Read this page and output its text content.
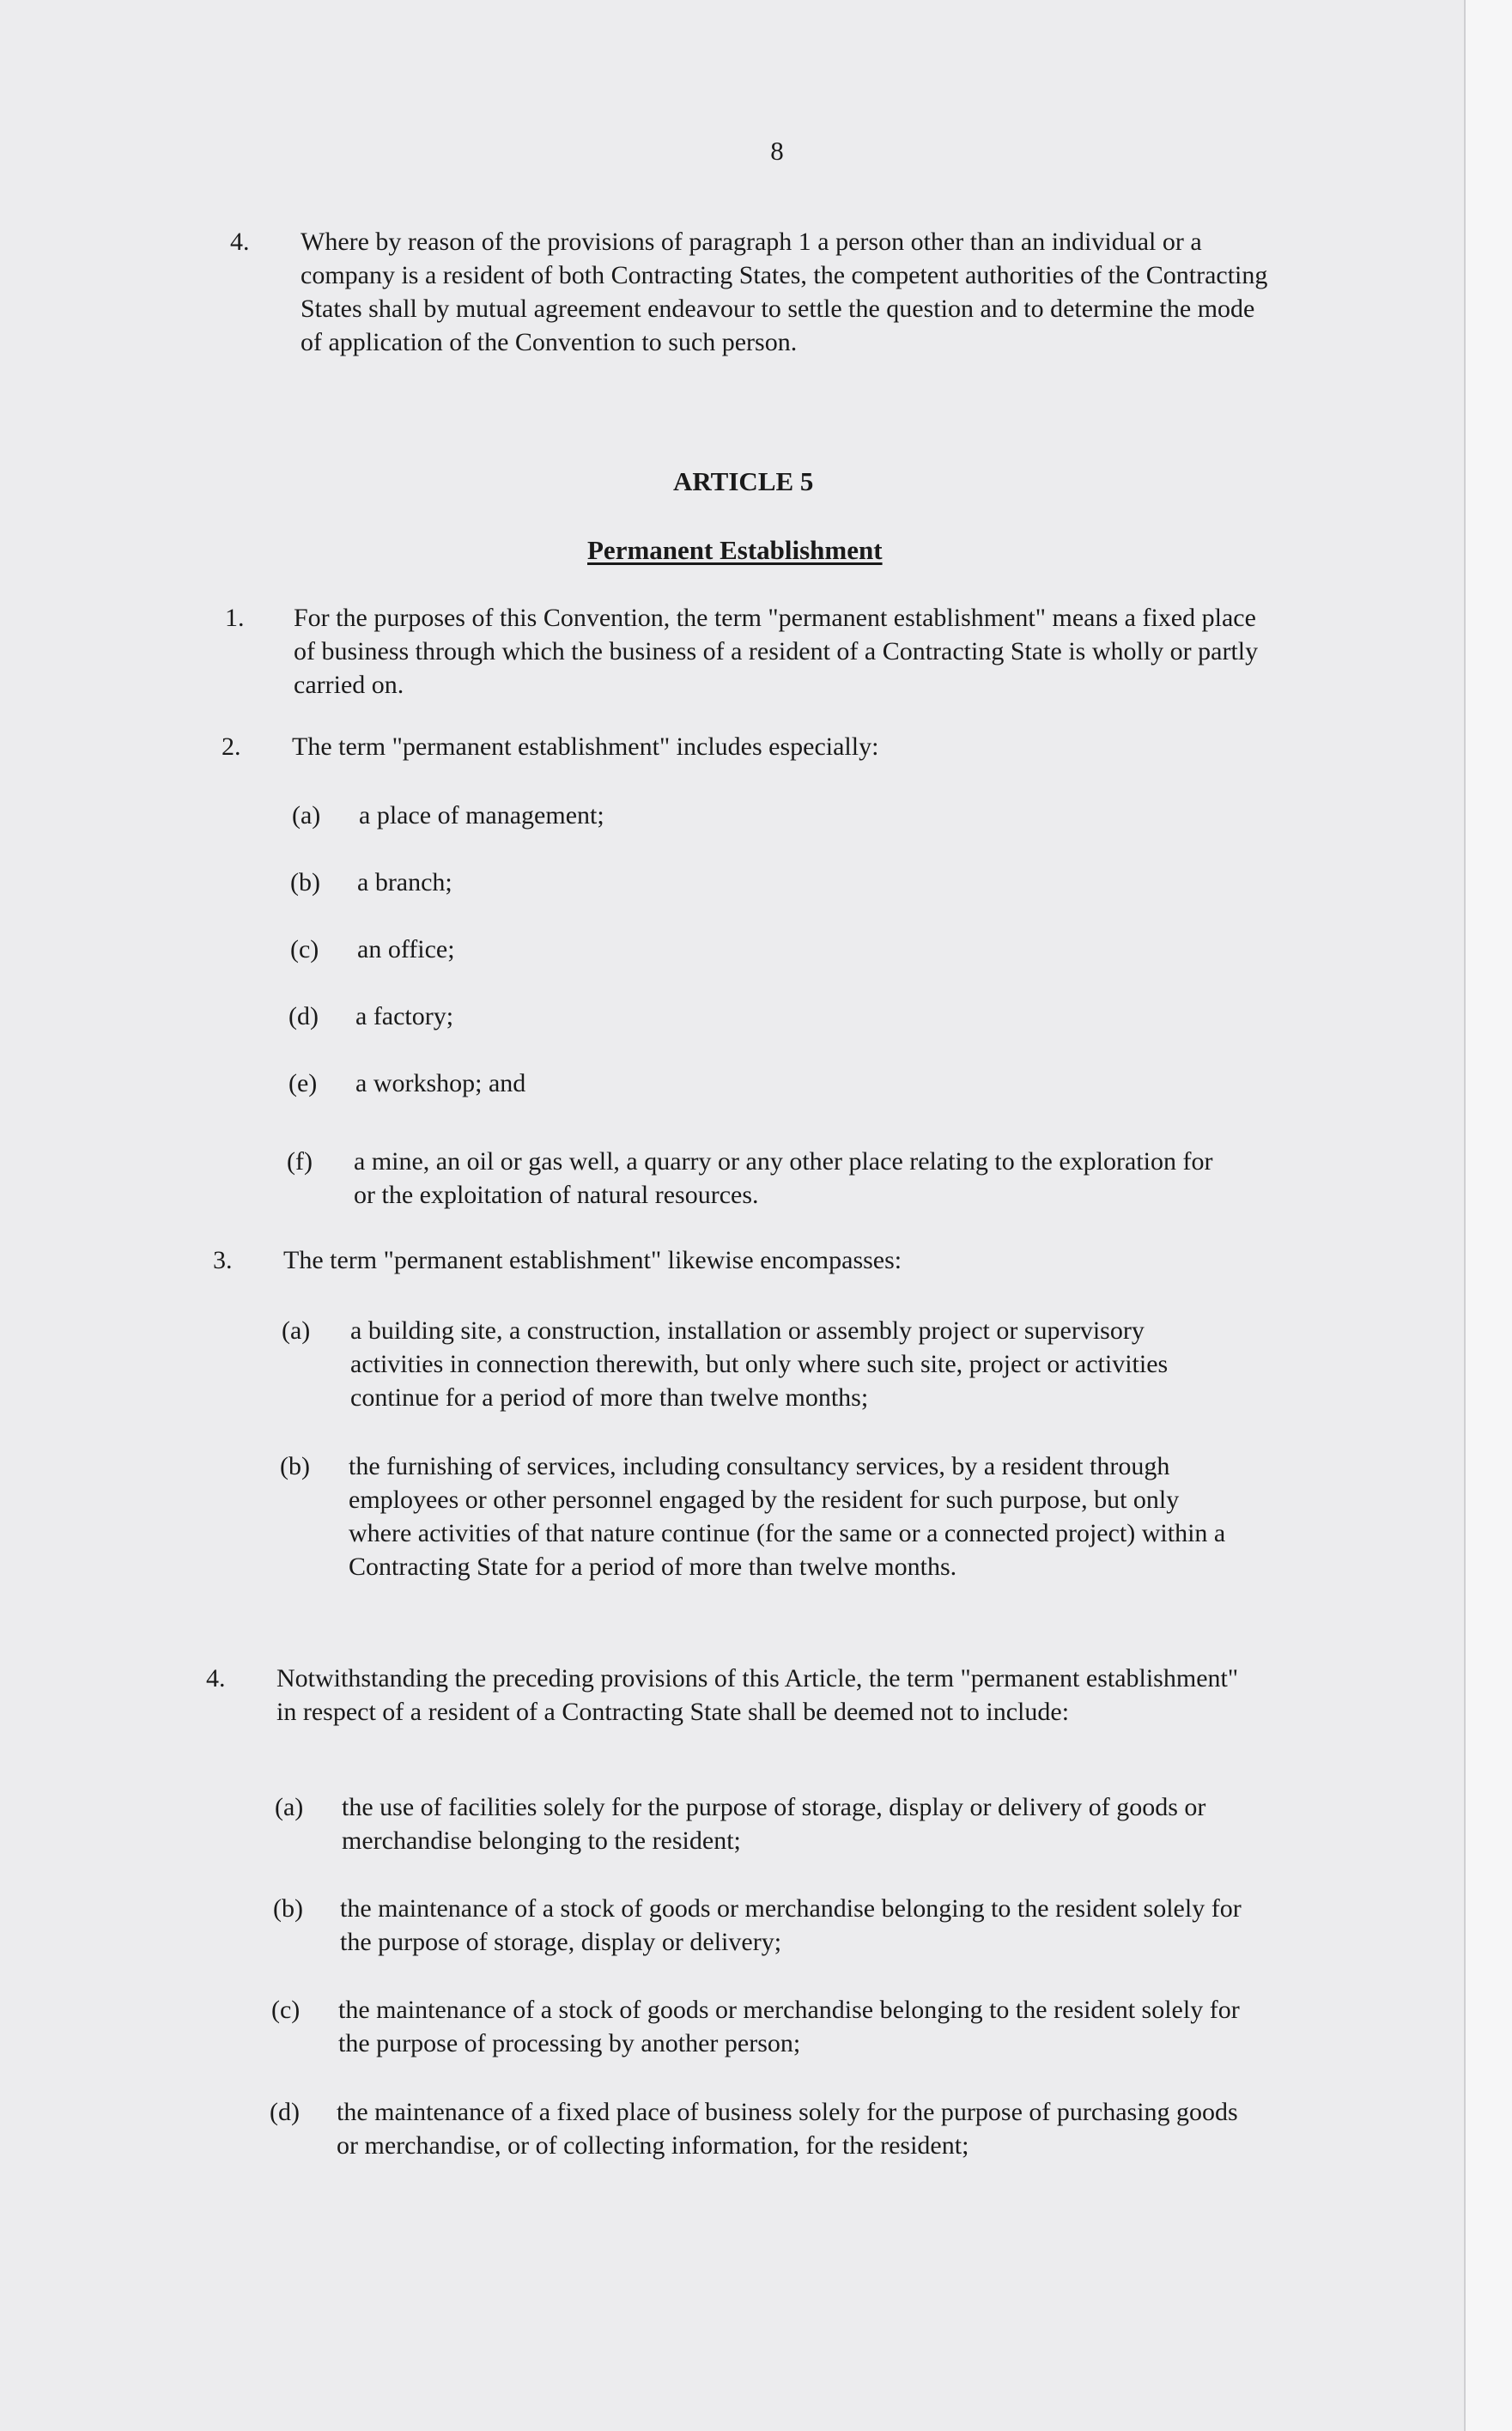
8
4. Where by reason of the provisions of paragraph 1 a person other than an individual or a company is a resident of both Contracting States, the competent authorities of the Contracting States shall by mutual agreement endeavour to settle the question and to determine the mode of application of the Convention to such person.
ARTICLE 5
Permanent Establishment
1. For the purposes of this Convention, the term "permanent establishment" means a fixed place of business through which the business of a resident of a Contracting State is wholly or partly carried on.
2. The term "permanent establishment" includes especially:
(a) a place of management;
(b) a branch;
(c) an office;
(d) a factory;
(e) a workshop; and
(f) a mine, an oil or gas well, a quarry or any other place relating to the exploration for or the exploitation of natural resources.
3. The term "permanent establishment" likewise encompasses:
(a) a building site, a construction, installation or assembly project or supervisory activities in connection therewith, but only where such site, project or activities continue for a period of more than twelve months;
(b) the furnishing of services, including consultancy services, by a resident through employees or other personnel engaged by the resident for such purpose, but only where activities of that nature continue (for the same or a connected project) within a Contracting State for a period of more than twelve months.
4. Notwithstanding the preceding provisions of this Article, the term "permanent establishment" in respect of a resident of a Contracting State shall be deemed not to include:
(a) the use of facilities solely for the purpose of storage, display or delivery of goods or merchandise belonging to the resident;
(b) the maintenance of a stock of goods or merchandise belonging to the resident solely for the purpose of storage, display or delivery;
(c) the maintenance of a stock of goods or merchandise belonging to the resident solely for the purpose of processing by another person;
(d) the maintenance of a fixed place of business solely for the purpose of purchasing goods or merchandise, or of collecting information, for the resident;
